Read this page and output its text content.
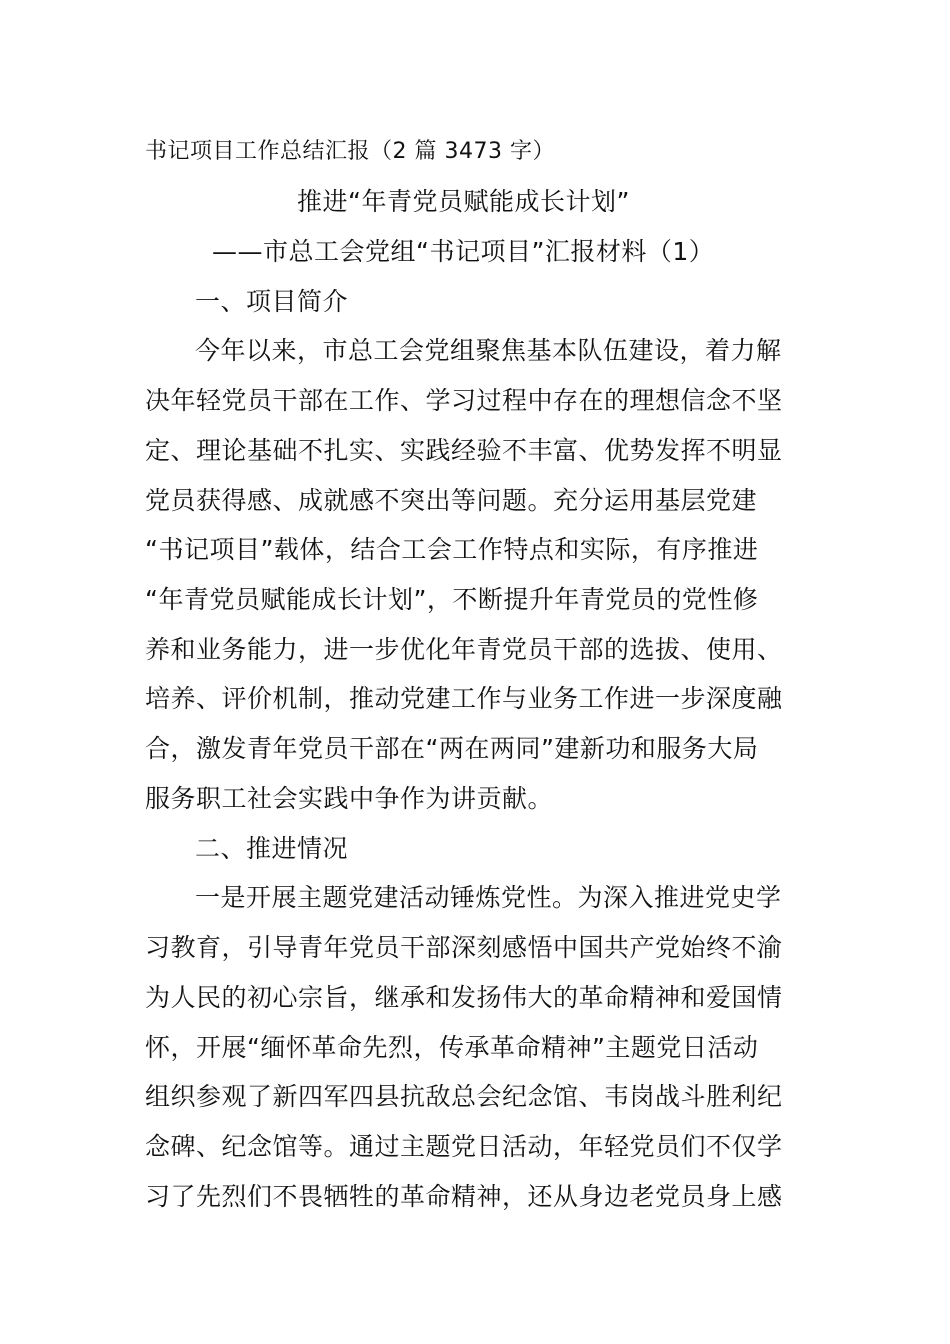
书记项目工作总结汇报（2 篇 3473 字）
推进“年青党员赋能成长计划”
——市总工会党组“书记项目”汇报材料（1）
一、项目简介
今年以来，市总工会党组聚焦基本队伍建设，着力解
决年轻党员干部在工作、学习过程中存在的理想信念不坚
定、理论基础不扎实、实践经验不丰富、优势发挥不明显
党员获得感、成就感不突出等问题。充分运用基层党建
“书记项目”载体，结合工会工作特点和实际，有序推进
“年青党员赋能成长计划”，不断提升年青党员的党性修
养和业务能力，进一步优化年青党员干部的选拔、使用、
培养、评价机制，推动党建工作与业务工作进一步深度融
合，激发青年党员干部在“两在两同”建新功和服务大局
服务职工社会实践中争作为讲贡献。
二、推进情况
一是开展主题党建活动锤炼党性。为深入推进党史学
习教育，引导青年党员干部深刻感悟中国共产党始终不渝
为人民的初心宗旨，继承和发扬伟大的革命精神和爱国情
怀，开展“缅怀革命先烈，传承革命精神”主题党日活动
组织参观了新四军四县抗敌总会纪念馆、韦岗战斗胜利纪
念碑、纪念馆等。通过主题党日活动，年轻党员们不仅学
习了先烈们不畏牺牲的革命精神，还从身边老党员身上感
